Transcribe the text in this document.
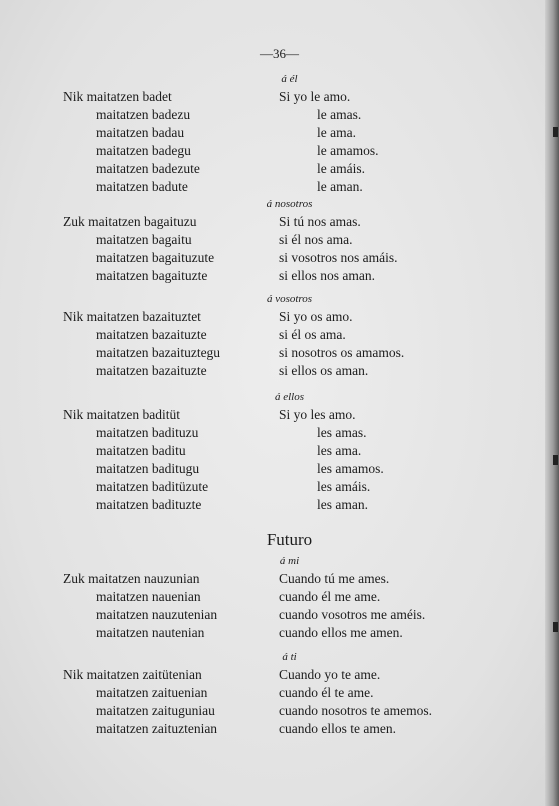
—36—
á él
Nik maitatzen badet	Si yo le amo.
maitatzen badezu	le amas.
maitatzen badau	le ama.
maitatzen badegu	le amamos.
maitatzen badezute	le amáis.
maitatzen badute	le aman.
á nosotros
Zuk maitatzen bagaituzu	Si tú nos amas.
maitatzen bagaitu	si él nos ama.
maitatzen bagaituzute	si vosotros nos amáis.
maitatzen bagaituzte	si ellos nos aman.
á vosotros
Nik maitatzen bazaituztet	Si yo os amo.
maitatzen bazaituzte	si él os ama.
maitatzen bazaituztegu	si nosotros os amamos.
maitatzen bazaituzte	si ellos os aman.
á ellos
Nik maitatzen baditüt	Si yo les amo.
maitatzen badituzu	les amas.
maitatzen baditu	les ama.
maitatzen baditugu	les amamos.
maitatzen baditüzute	les amáis.
maitatzen badituzte	les aman.
Futuro
á mi
Zuk maitatzen nauzunian	Cuando tú me ames.
maitatzen nauenian	cuando él me ame.
maitatzen nauzutenian	cuando vosotros me améis.
maitatzen nautenian	cuando ellos me amen.
á ti
Nik maitatzen zaitütenian	Cuando yo te ame.
maitatzen zaituenian	cuando él te ame.
maitatzen zaituguniau	cuando nosotros te amemos.
maitatzen zaituztenian	cuando ellos te amen.
